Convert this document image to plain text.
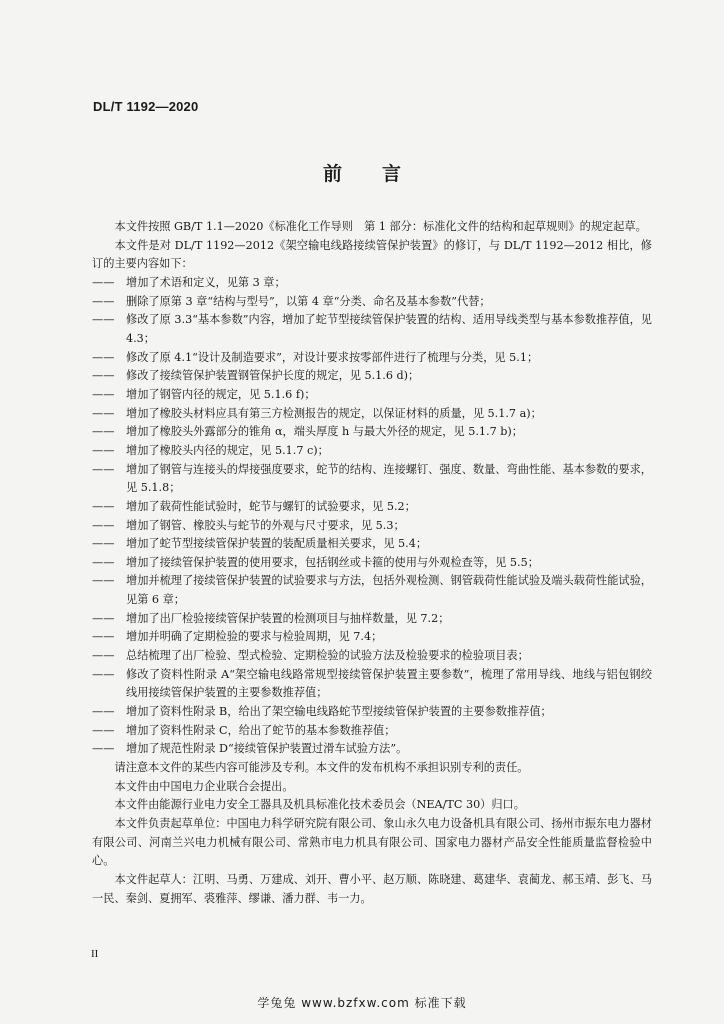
DL/T 1192—2020
前言
本文件按照 GB/T 1.1—2020《标准化工作导则　第 1 部分：标准化文件的结构和起草规则》的规定起草。
本文件是对 DL/T 1192—2012《架空输电线路接续管保护装置》的修订，与 DL/T 1192—2012 相比，修订的主要内容如下：
——	增加了术语和定义，见第 3 章；
——	删除了原第 3 章“结构与型号”，以第 4 章“分类、命名及基本参数”代替；
——	修改了原 3.3“基本参数”内容，增加了蛇节型接续管保护装置的结构、适用导线类型与基本参数推荐值，见 4.3；
——	修改了原 4.1“设计及制造要求”，对设计要求按零部件进行了梳理与分类，见 5.1；
——	修改了接续管保护装置钢管保护长度的规定，见 5.1.6 d)；
——	增加了钢管内径的规定，见 5.1.6 f)；
——	增加了橡胶头材料应具有第三方检测报告的规定，以保证材料的质量，见 5.1.7 a)；
——	增加了橡胶头外露部分的锥角 α，端头厚度 h 与最大外径的规定，见 5.1.7 b)；
——	增加了橡胶头内径的规定，见 5.1.7 c)；
——	增加了钢管与连接头的焊接强度要求，蛇节的结构、连接螺钉、强度、数量、弯曲性能、基本参数的要求，见 5.1.8；
——	增加了载荷性能试验时，蛇节与螺钉的试验要求，见 5.2；
——	增加了钢管、橡胶头与蛇节的外观与尺寸要求，见 5.3；
——	增加了蛇节型接续管保护装置的装配质量相关要求，见 5.4；
——	增加了接续管保护装置的使用要求，包括钢丝或卡箍的使用与外观检查等，见 5.5；
——	增加并梳理了接续管保护装置的试验要求与方法，包括外观检测、钢管载荷性能试验及端头载荷性能试验，见第 6 章；
——	增加了出厂检验接续管保护装置的检测项目与抽样数量，见 7.2；
——	增加并明确了定期检验的要求与检验周期，见 7.4；
——	总结梳理了出厂检验、型式检验、定期检验的试验方法及检验要求的检验项目表；
——	修改了资料性附录 A“架空输电线路常规型接续管保护装置主要参数”，梳理了常用导线、地线与铝包钢绞线用接续管保护装置的主要参数推荐值；
——	增加了资料性附录 B，给出了架空输电线路蛇节型接续管保护装置的主要参数推荐值；
——	增加了资料性附录 C，给出了蛇节的基本参数推荐值；
——	增加了规范性附录 D“接续管保护装置过滑车试验方法”。
请注意本文件的某些内容可能涉及专利。本文件的发布机构不承担识别专利的责任。
本文件由中国电力企业联合会提出。
本文件由能源行业电力安全工器具及机具标准化技术委员会（NEA/TC 30）归口。
本文件负责起草单位：中国电力科学研究院有限公司、象山永久电力设备机具有限公司、扬州市振东电力器材有限公司、河南兰兴电力机械有限公司、常熟市电力机具有限公司、国家电力器材产品安全性能质量监督检验中心。
本文件起草人：江明、马勇、万建成、刘开、曹小平、赵万顺、陈晓建、葛建华、袁蔺龙、郝玉靖、彭飞、马一民、秦剑、夏拥军、裘雅萍、缪谦、潘力群、韦一力。
II
学兔兔 www.bzfxw.com 标准下载
